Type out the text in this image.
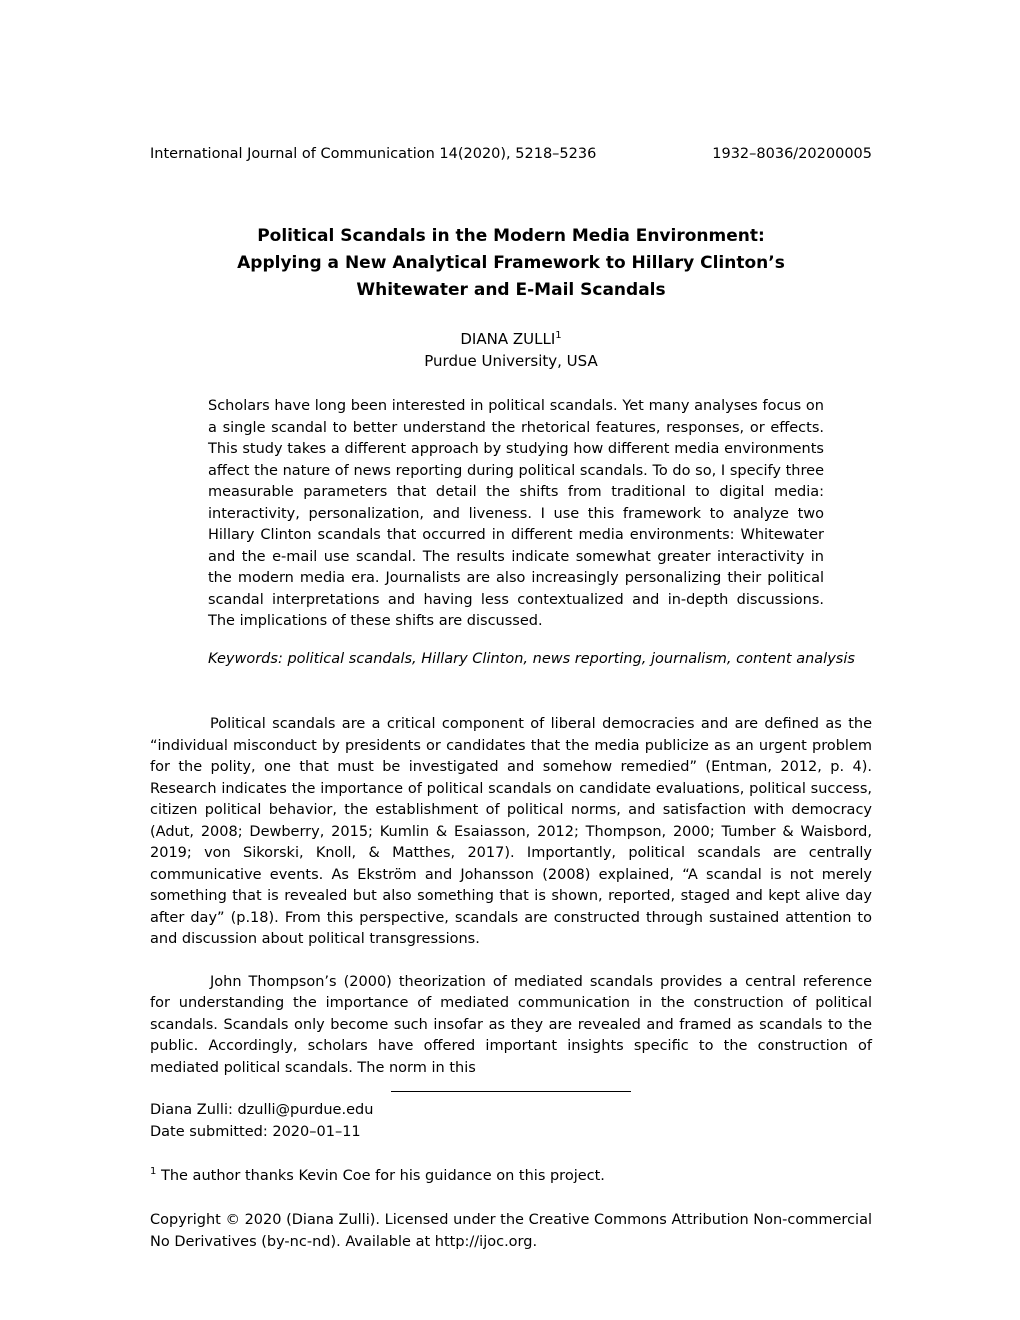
International Journal of Communication 14(2020), 5218–5236	1932–8036/20200005
Political Scandals in the Modern Media Environment:
Applying a New Analytical Framework to Hillary Clinton’s
Whitewater and E-Mail Scandals
DIANA ZULLI$^1$
Purdue University, USA

Scholars have long been interested in political scandals. Yet many analyses focus on a single scandal to better understand the rhetorical features, responses, or effects. This study takes a different approach by studying how different media environments affect the nature of news reporting during political scandals. To do so, I specify three measurable parameters that detail the shifts from traditional to digital media: interactivity, personalization, and liveness. I use this framework to analyze two Hillary Clinton scandals that occurred in different media environments: Whitewater and the e-mail use scandal. The results indicate somewhat greater interactivity in the modern media era. Journalists are also increasingly personalizing their political scandal interpretations and having less contextualized and in-depth discussions. The implications of these shifts are discussed.

Keywords: political scandals, Hillary Clinton, news reporting, journalism, content analysis

Political scandals are a critical component of liberal democracies and are defined as the “individual misconduct by presidents or candidates that the media publicize as an urgent problem for the polity, one that must be investigated and somehow remedied” (Entman, 2012, p. 4). Research indicates the importance of political scandals on candidate evaluations, political success, citizen political behavior, the establishment of political norms, and satisfaction with democracy (Adut, 2008; Dewberry, 2015; Kumlin & Esaiasson, 2012; Thompson, 2000; Tumber & Waisbord, 2019; von Sikorski, Knoll, & Matthes, 2017). Importantly, political scandals are centrally communicative events. As Ekström and Johansson (2008) explained, “A scandal is not merely something that is revealed but also something that is shown, reported, staged and kept alive day after day” (p.18). From this perspective, scandals are constructed through sustained attention to and discussion about political transgressions.

John Thompson’s (2000) theorization of mediated scandals provides a central reference for understanding the importance of mediated communication in the construction of political scandals. Scandals only become such insofar as they are revealed and framed as scandals to the public. Accordingly, scholars have offered important insights specific to the construction of mediated political scandals. The norm in this

Diana Zulli: dzulli@purdue.edu

Date submitted: 2020–01–11

$^1$ The author thanks Kevin Coe for his guidance on this project.

Copyright © 2020 (Diana Zulli). Licensed under the Creative Commons Attribution Non-commercial No Derivatives (by-nc-nd). Available at http://ijoc.org.
